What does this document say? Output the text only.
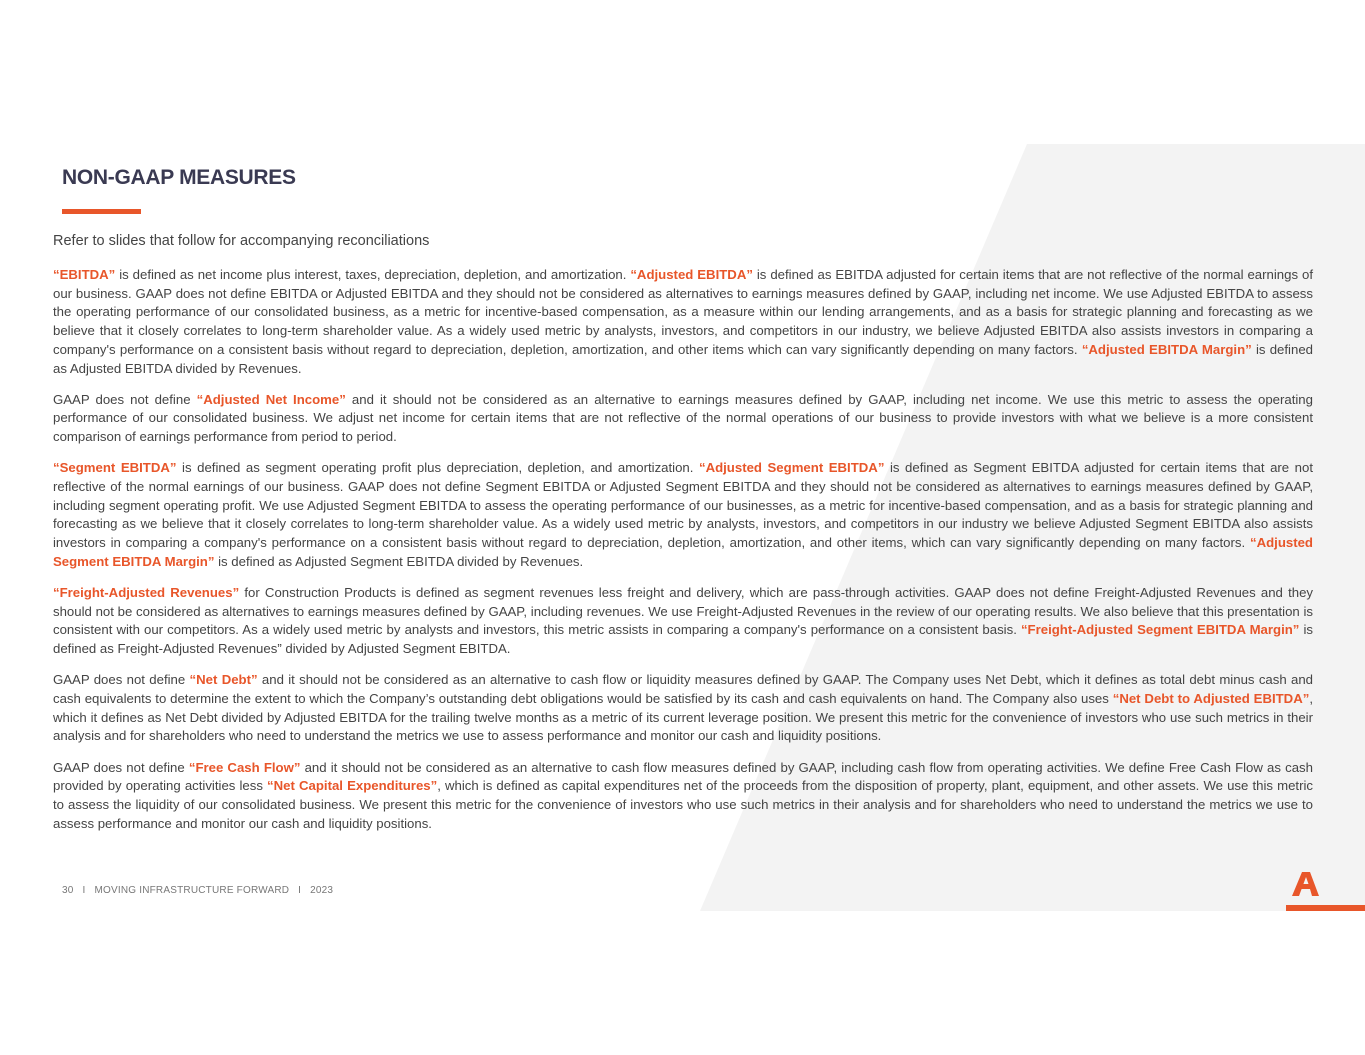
NON-GAAP MEASURES
Refer to slides that follow for accompanying reconciliations

“EBITDA” is defined as net income plus interest, taxes, depreciation, depletion, and amortization. “Adjusted EBITDA” is defined as EBITDA adjusted for certain items that are not reflective of the normal earnings of our business. GAAP does not define EBITDA or Adjusted EBITDA and they should not be considered as alternatives to earnings measures defined by GAAP, including net income. We use Adjusted EBITDA to assess the operating performance of our consolidated business, as a metric for incentive-based compensation, as a measure within our lending arrangements, and as a basis for strategic planning and forecasting as we believe that it closely correlates to long-term shareholder value. As a widely used metric by analysts, investors, and competitors in our industry, we believe Adjusted EBITDA also assists investors in comparing a company's performance on a consistent basis without regard to depreciation, depletion, amortization, and other items which can vary significantly depending on many factors. “Adjusted EBITDA Margin” is defined as Adjusted EBITDA divided by Revenues.

GAAP does not define “Adjusted Net Income” and it should not be considered as an alternative to earnings measures defined by GAAP, including net income. We use this metric to assess the operating performance of our consolidated business. We adjust net income for certain items that are not reflective of the normal operations of our business to provide investors with what we believe is a more consistent comparison of earnings performance from period to period.

“Segment EBITDA” is defined as segment operating profit plus depreciation, depletion, and amortization. “Adjusted Segment EBITDA” is defined as Segment EBITDA adjusted for certain items that are not reflective of the normal earnings of our business. GAAP does not define Segment EBITDA or Adjusted Segment EBITDA and they should not be considered as alternatives to earnings measures defined by GAAP, including segment operating profit. We use Adjusted Segment EBITDA to assess the operating performance of our businesses, as a metric for incentive-based compensation, and as a basis for strategic planning and forecasting as we believe that it closely correlates to long-term shareholder value. As a widely used metric by analysts, investors, and competitors in our industry we believe Adjusted Segment EBITDA also assists investors in comparing a company's performance on a consistent basis without regard to depreciation, depletion, amortization, and other items, which can vary significantly depending on many factors. “Adjusted Segment EBITDA Margin” is defined as Adjusted Segment EBITDA divided by Revenues.

“Freight-Adjusted Revenues” for Construction Products is defined as segment revenues less freight and delivery, which are pass-through activities. GAAP does not define Freight-Adjusted Revenues and they should not be considered as alternatives to earnings measures defined by GAAP, including revenues. We use Freight-Adjusted Revenues in the review of our operating results. We also believe that this presentation is consistent with our competitors. As a widely used metric by analysts and investors, this metric assists in comparing a company's performance on a consistent basis. “Freight-Adjusted Segment EBITDA Margin” is defined as Freight-Adjusted Revenues” divided by Adjusted Segment EBITDA.

GAAP does not define “Net Debt” and it should not be considered as an alternative to cash flow or liquidity measures defined by GAAP. The Company uses Net Debt, which it defines as total debt minus cash and cash equivalents to determine the extent to which the Company’s outstanding debt obligations would be satisfied by its cash and cash equivalents on hand. The Company also uses “Net Debt to Adjusted EBITDA”, which it defines as Net Debt divided by Adjusted EBITDA for the trailing twelve months as a metric of its current leverage position. We present this metric for the convenience of investors who use such metrics in their analysis and for shareholders who need to understand the metrics we use to assess performance and monitor our cash and liquidity positions.

GAAP does not define “Free Cash Flow” and it should not be considered as an alternative to cash flow measures defined by GAAP, including cash flow from operating activities. We define Free Cash Flow as cash provided by operating activities less “Net Capital Expenditures”, which is defined as capital expenditures net of the proceeds from the disposition of property, plant, equipment, and other assets. We use this metric to assess the liquidity of our consolidated business. We present this metric for the convenience of investors who use such metrics in their analysis and for shareholders who need to understand the metrics we use to assess performance and monitor our cash and liquidity positions.

30 I MOVING INFRASTRUCTURE FORWARD I 2023
